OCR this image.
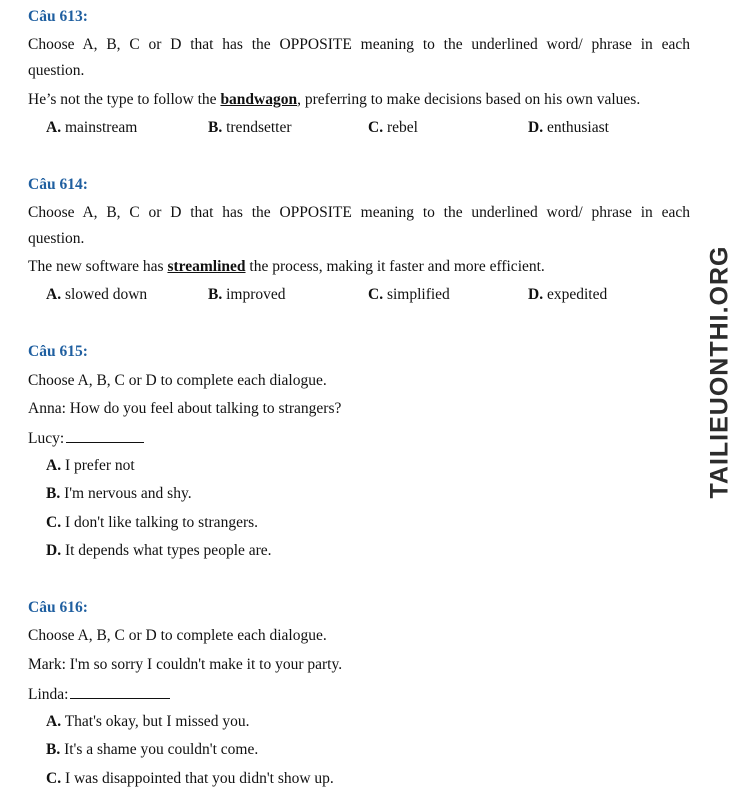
Câu 613:
Choose A, B, C or D that has the OPPOSITE meaning to the underlined word/ phrase in each
question.
He’s not the type to follow the bandwagon, preferring to make decisions based on his own values.
A. mainstream	B. trendsetter	C. rebel	D. enthusiast
Câu 614:
Choose A, B, C or D that has the OPPOSITE meaning to the underlined word/ phrase in each
question.
The new software has streamlined the process, making it faster and more efficient.
A. slowed down	B. improved	C. simplified	D. expedited
Câu 615:
Choose A, B, C or D to complete each dialogue.
Anna: How do you feel about talking to strangers?
Lucy:
A. I prefer not
B. I'm nervous and shy.
C. I don't like talking to strangers.
D. It depends what types people are.
Câu 616:
Choose A, B, C or D to complete each dialogue.
Mark: I'm so sorry I couldn't make it to your party.
Linda:
A. That's okay, but I missed you.
B. It's a shame you couldn't come.
C. I was disappointed that you didn't show up.
TAILIEUONTHI.ORG
